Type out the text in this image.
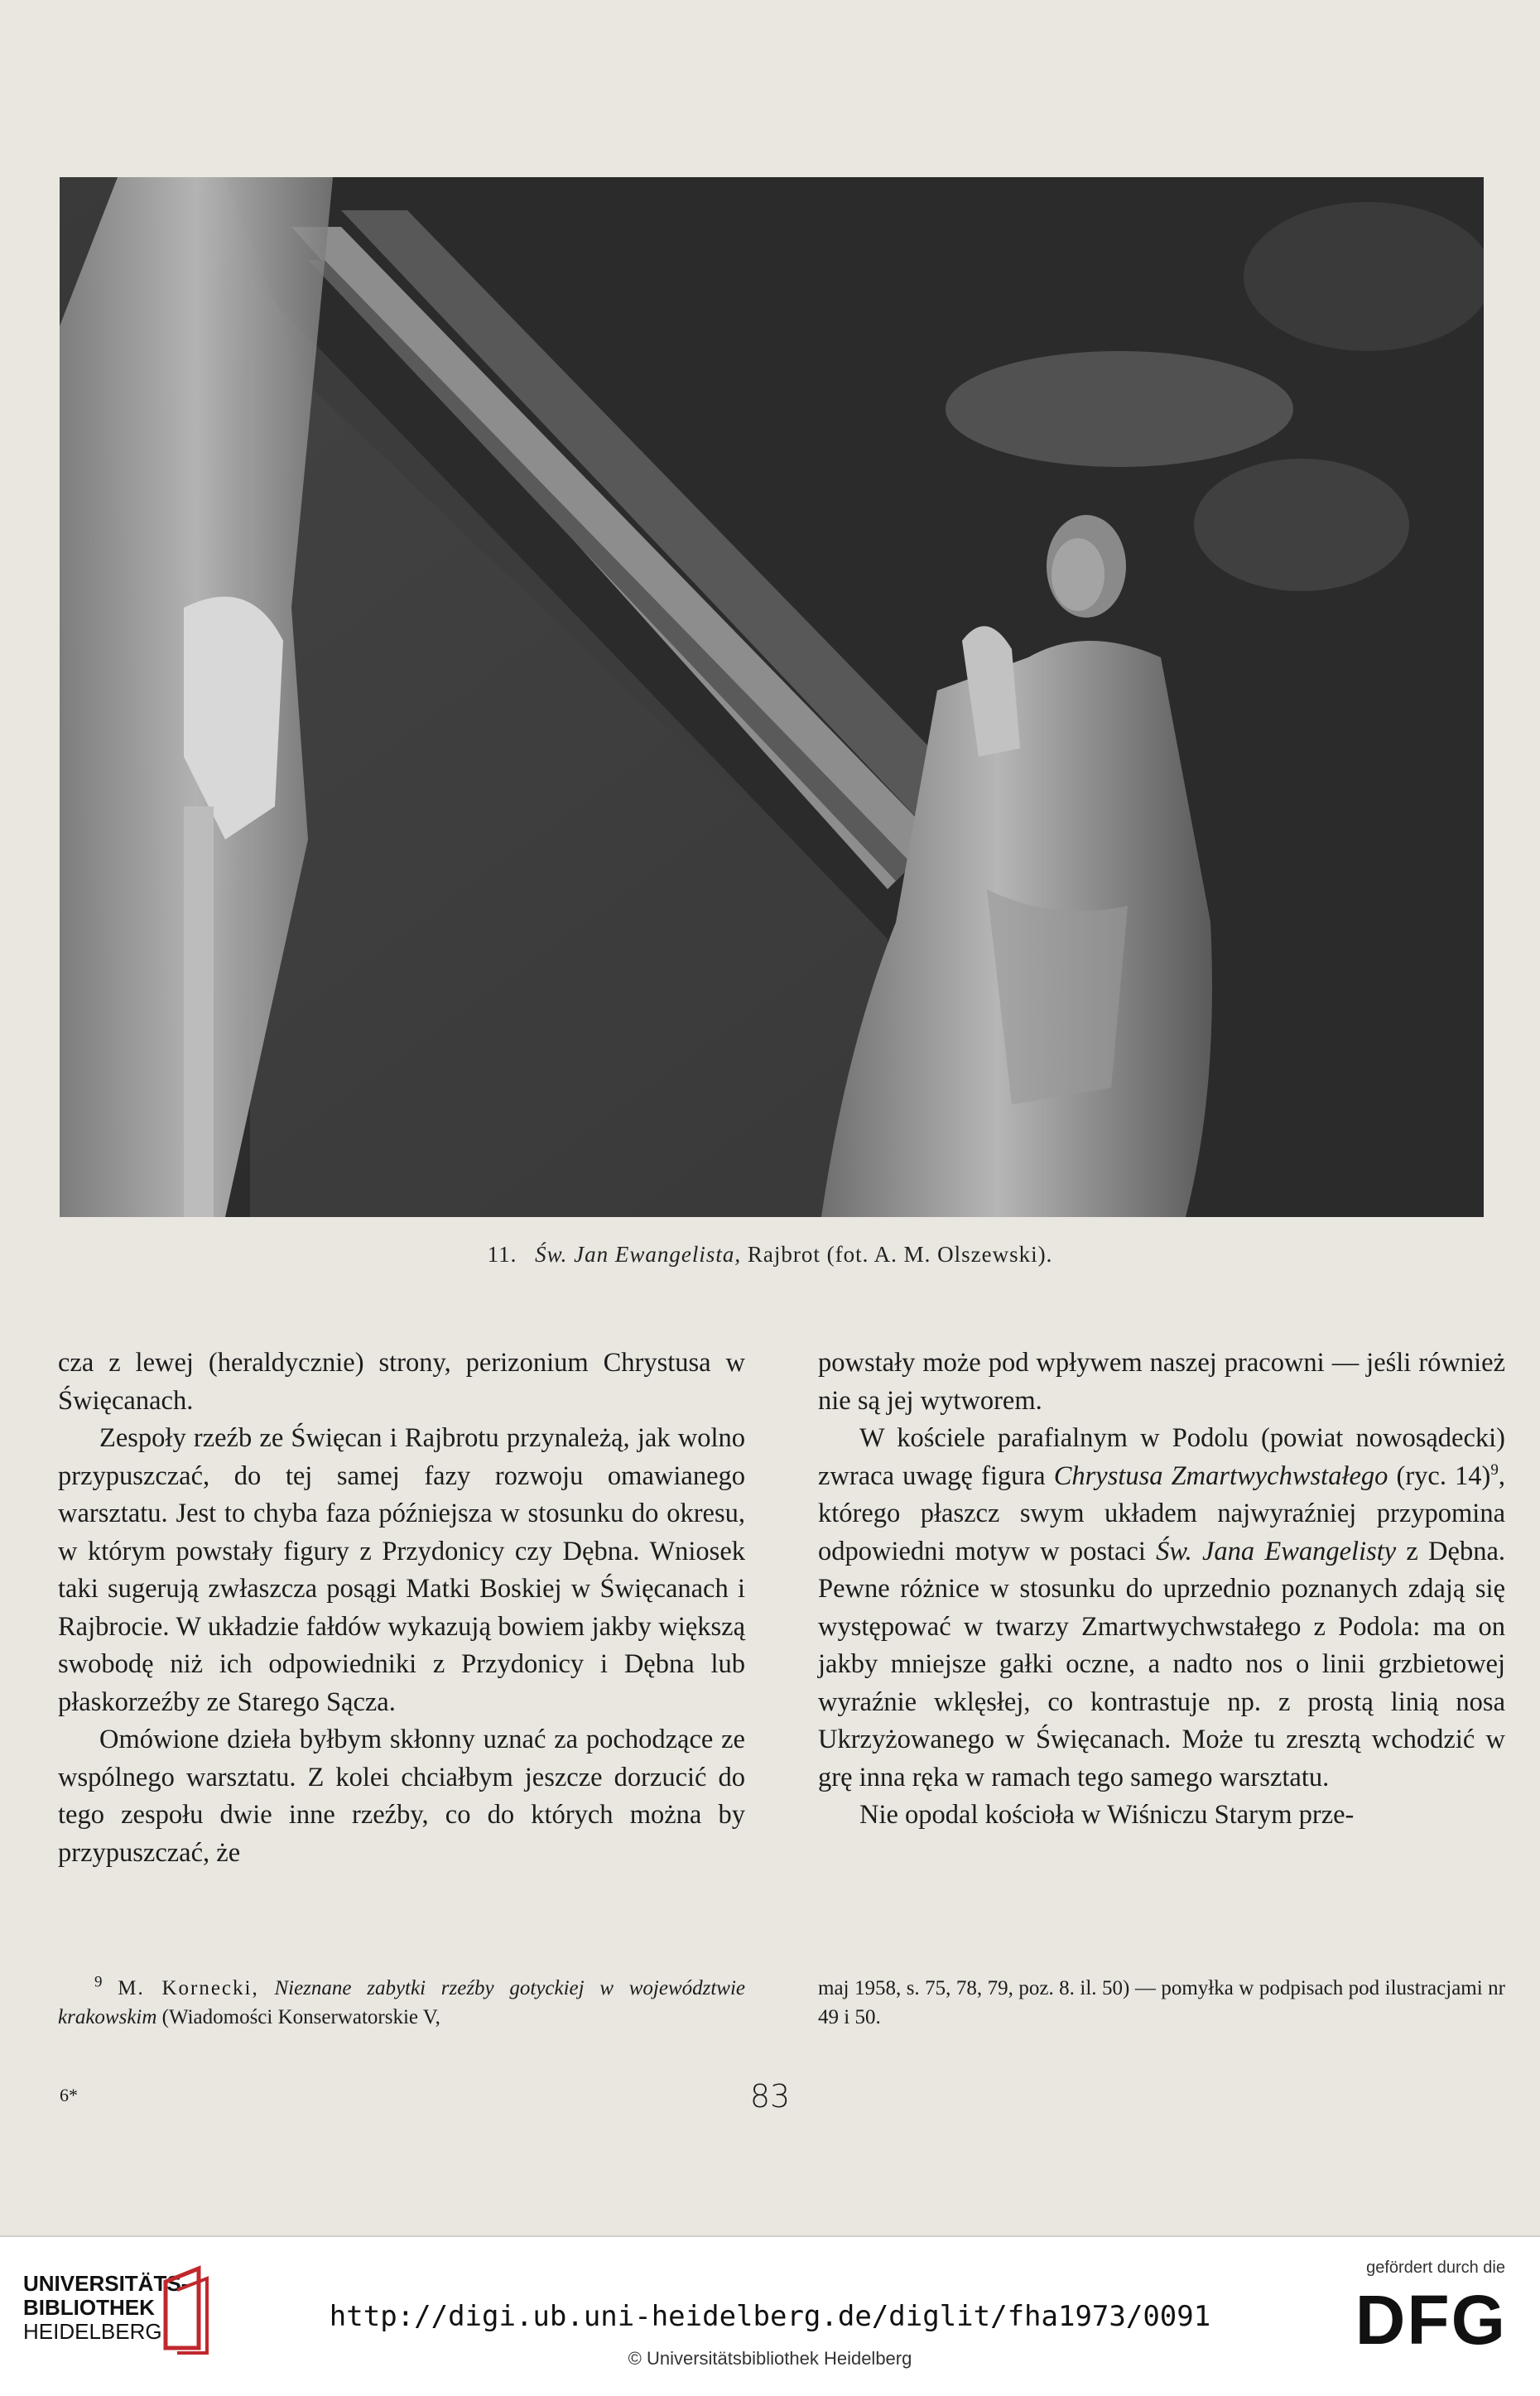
11. Św. Jan Ewangelista, Rajbrot (fot. A. M. Olszewski).

cza z lewej (heraldycznie) strony, perizonium Chrystusa w Święcanach.

Zespoły rzeźb ze Święcan i Rajbrotu przynależą, jak wolno przypuszczać, do tej samej fazy rozwoju omawianego warsztatu. Jest to chyba faza późniejsza w stosunku do okresu, w którym powstały figury z Przydonicy czy Dębna. Wniosek taki sugerują zwłaszcza posągi Matki Boskiej w Święcanach i Rajbrocie. W układzie fałdów wykazują bowiem jakby większą swobodę niż ich odpowiedniki z Przydonicy i Dębna lub płaskorzeźby ze Starego Sącza.

Omówione dzieła byłbym skłonny uznać za pochodzące ze wspólnego warsztatu. Z kolei chciałbym jeszcze dorzucić do tego zespołu dwie inne rzeźby, co do których można by przypuszczać, że

powstały może pod wpływem naszej pracowni — jeśli również nie są jej wytworem.

W kościele parafialnym w Podolu (powiat nowosądecki) zwraca uwagę figura Chrystusa Zmartwychwstałego (ryc. 14)$^9$, którego płaszcz swym układem najwyraźniej przypomina odpowiedni motyw w postaci Św. Jana Ewangelisty z Dębna. Pewne różnice w stosunku do uprzednio poznanych zdają się występować w twarzy Zmartwychwstałego z Podola: ma on jakby mniejsze gałki oczne, a nadto nos o linii grzbietowej wyraźnie wklęsłej, co kontrastuje np. z prostą linią nosa Ukrzyżowanego w Święcanach. Może tu zresztą wchodzić w grę inna ręka w ramach tego samego warsztatu.

Nie opodal kościoła w Wiśniczu Starym prze-

$^9$ M. Kornecki, Nieznane zabytki rzeźby gotyckiej w województwie krakowskim (Wiadomości Konserwatorskie V,

maj 1958, s. 75, 78, 79, poz. 8. il. 50) — pomyłka w podpisach pod ilustracjami nr 49 i 50.

6*	83
UNIVERSITÄTS-
BIBLIOTHEK
HEIDELBERG	http://digi.ub.uni-heidelberg.de/diglit/fha1973/0091
© Universitätsbibliothek Heidelberg
gefördert durch die
DFG
